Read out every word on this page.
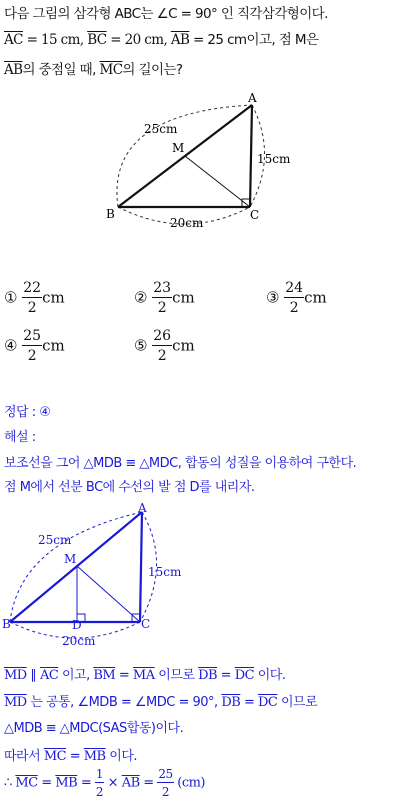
다음 그림의 삼각형 ABC는 ∠C = 90° 인 직각삼각형이다.
$\overline{AC} = 15$ cm, $\overline{BC} = 20$ cm, $\overline{AB} = 25$ cm이고, 점 M은
$\overline{AB}$의 중점일 때, $\overline{MC}$의 길이는?
A
B	C
M
25cm
15cm
20cm
① $\frac{22}{2}$ cm	② $\frac{23}{2}$ cm	③ $\frac{24}{2}$ cm
④ $\frac{25}{2}$ cm	⑤ $\frac{26}{2}$ cm
정답 : ④
해설 :
보조선을 그어 △MDB ≡ △MDC, 합동의 성질을 이용하여 구한다.
점 M에서 선분 BC에 수선의 발 점 D를 내리자.
A
B	C
M
D
25cm
15cm
20cm
$\overline{MD}$ ∥ $\overline{AC}$ 이고, $\overline{BM} = \overline{MA}$ 이므로 $\overline{DB} = \overline{DC}$ 이다.
$\overline{MD}$ 는 공통, ∠MDB = ∠MDC = 90°, $\overline{DB} = \overline{DC}$ 이므로
△MDB ≡ △MDC(SAS합동)이다.
따라서 $\overline{MC} = \overline{MB}$ 이다.
∴ $\overline{MC} = \overline{MB} = \frac{1}{2} \times \overline{AB} = \frac{25}{2} (cm)$
